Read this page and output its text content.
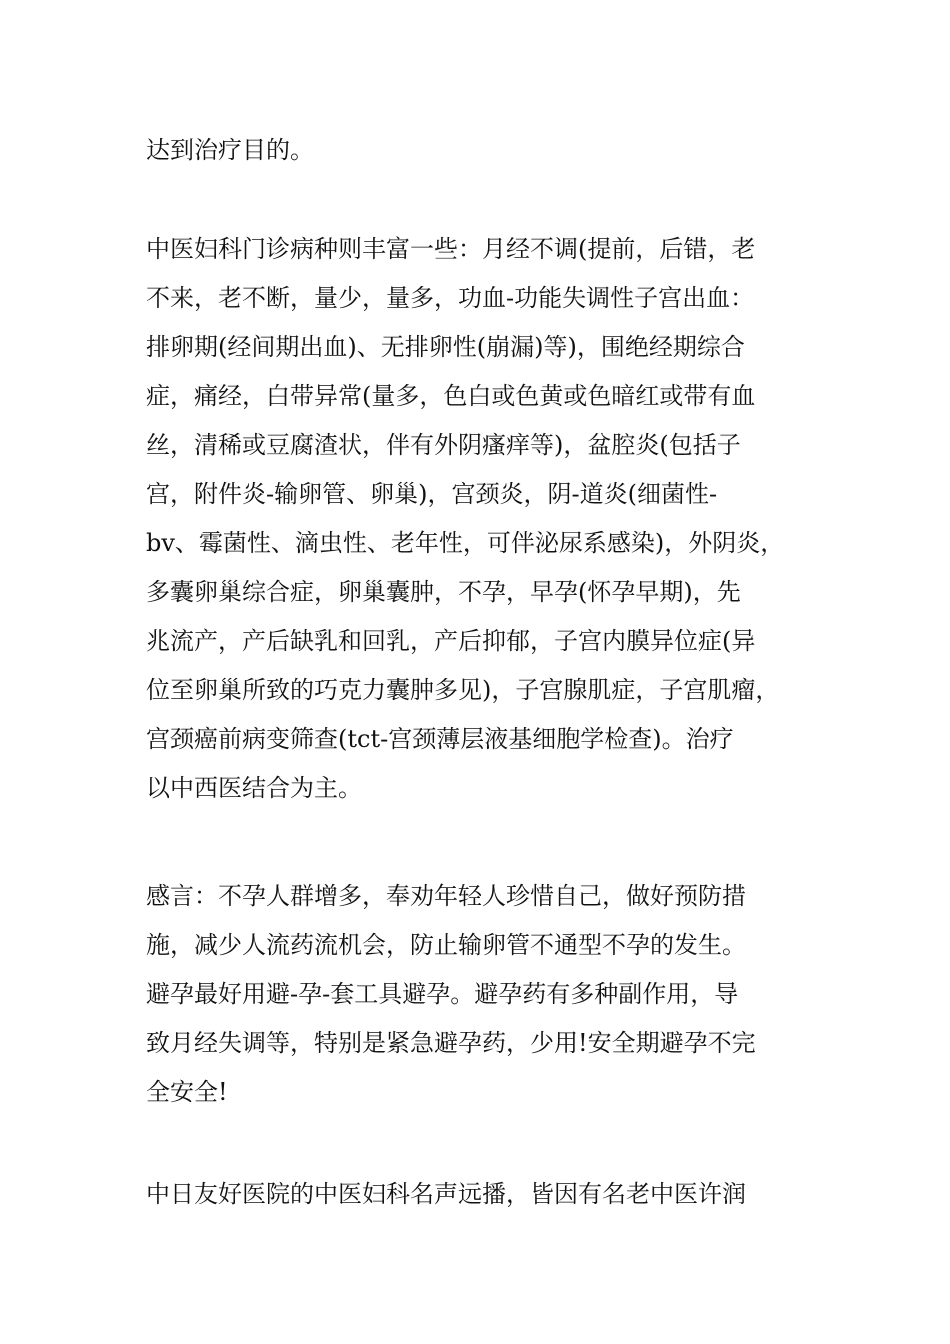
达到治疗目的。
中医妇科门诊病种则丰富一些：月经不调(提前，后错，老
不来，老不断，量少，量多，功血-功能失调性子宫出血：
排卵期(经间期出血)、无排卵性(崩漏)等)，围绝经期综合
症，痛经，白带异常(量多，色白或色黄或色暗红或带有血
丝，清稀或豆腐渣状，伴有外阴瘙痒等)，盆腔炎(包括子
宫，附件炎-输卵管、卵巢)，宫颈炎，阴-道炎(细菌性-
bv、霉菌性、滴虫性、老年性，可伴泌尿系感染)，外阴炎，
多囊卵巢综合症，卵巢囊肿，不孕，早孕(怀孕早期)，先
兆流产，产后缺乳和回乳，产后抑郁，子宫内膜异位症(异
位至卵巢所致的巧克力囊肿多见)，子宫腺肌症，子宫肌瘤，
宫颈癌前病变筛查(tct-宫颈薄层液基细胞学检查)。治疗
以中西医结合为主。
感言：不孕人群增多，奉劝年轻人珍惜自己，做好预防措
施，减少人流药流机会，防止输卵管不通型不孕的发生。
避孕最好用避-孕-套工具避孕。避孕药有多种副作用，导
致月经失调等，特别是紧急避孕药，少用!安全期避孕不完
全安全!
中日友好医院的中医妇科名声远播，皆因有名老中医许润
